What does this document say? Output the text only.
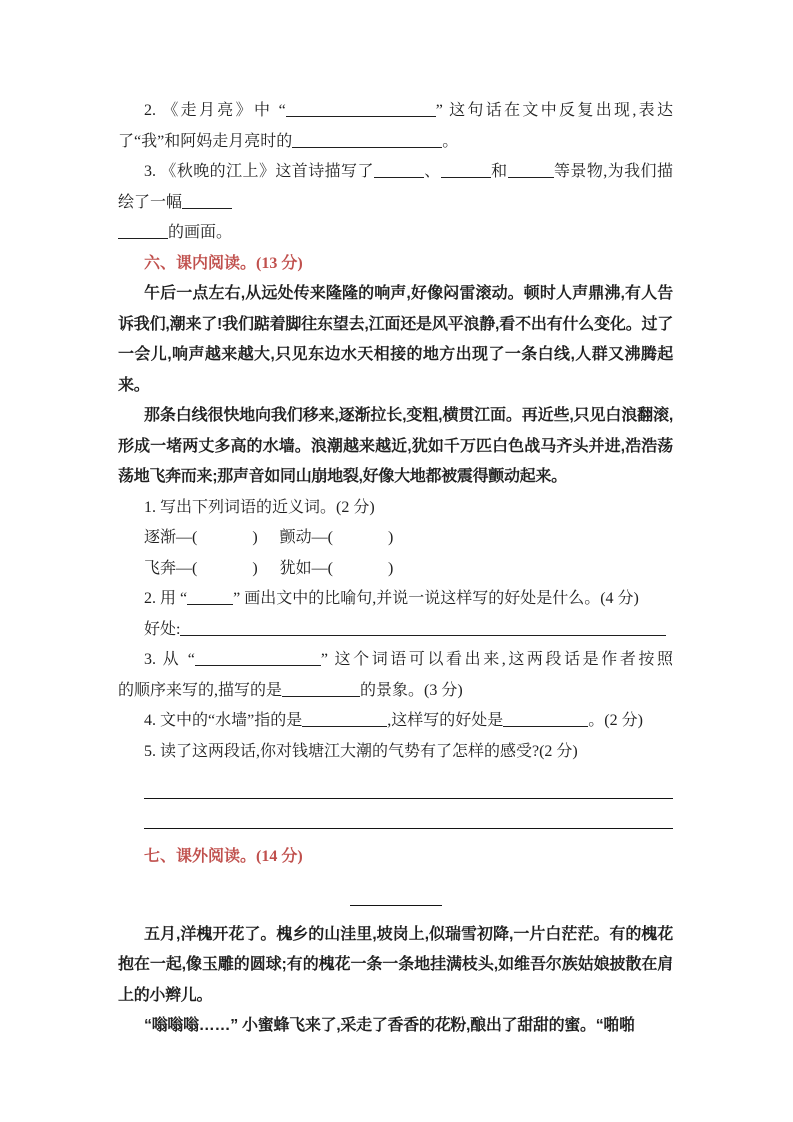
2. 《走月亮》中 “	” 这句话在文中反复出现,表达了“我”和阿妈走月亮时的	。
3. 《秋晚的江上》这首诗描写了	、	和	等景物,为我们描绘了一幅
的画面。
六、课内阅读。(13 分)
午后一点左右,从远处传来隆隆的响声,好像闷雷滚动。顿时人声鼎沸,有人告诉我们,潮来了!我们踮着脚往东望去,江面还是风平浪静,看不出有什么变化。过了一会儿,响声越来越大,只见东边水天相接的地方出现了一条白线,人群又沸腾起来。
那条白线很快地向我们移来,逐渐拉长,变粗,横贯江面。再近些,只见白浪翻滚,形成一堵两丈多高的水墙。浪潮越来越近,犹如千万匹白色战马齐头并进,浩浩荡荡地飞奔而来;那声音如同山崩地裂,好像大地都被震得颤动起来。
1. 写出下列词语的近义词。(2 分)
逐渐—(	) 颤动—(	)
飞奔—(	) 犹如—(	)
2. 用 “	” 画出文中的比喻句,并说一说这样写的好处是什么。(4 分)
好处:
3. 从 “	” 这个词语可以看出来,这两段话是作者按照
的顺序来写的,描写的是	的景象。(3 分)
4. 文中的“水墙”指的是	,这样写的好处是	。(2 分)
5. 读了这两段话,你对钱塘江大潮的气势有了怎样的感受?(2 分)
七、课外阅读。(14 分)
五月,洋槐开花了。槐乡的山洼里,坡岗上,似瑞雪初降,一片白茫茫。有的槐花抱在一起,像玉雕的圆球;有的槐花一条一条地挂满枝头,如维吾尔族姑娘披散在肩上的小辫儿。
“嗡嗡嗡……” 小蜜蜂飞来了,采走了香香的花粉,酿出了甜甜的蜜。“啪啪
